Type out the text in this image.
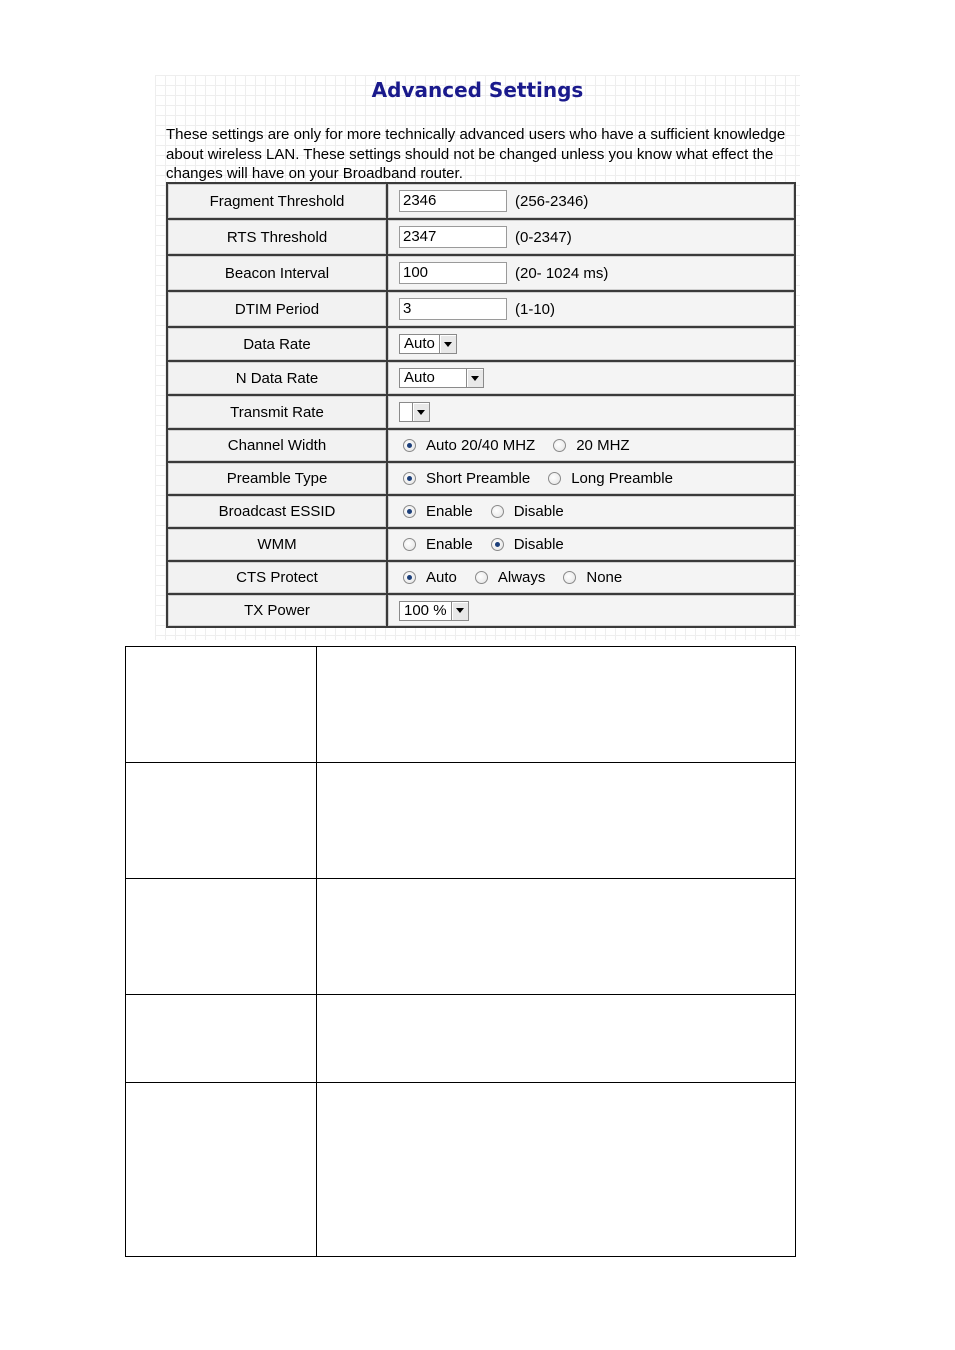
Advanced Settings
These settings are only for more technically advanced users who have a sufficient knowledge about wireless LAN. These settings should not be changed unless you know what effect the changes will have on your Broadband router.
Fragment Threshold	2346	(256-2346)
RTS Threshold	2347	(0-2347)
Beacon Interval	100	(20- 1024 ms)
DTIM Period	3	(1-10)
Data Rate	Auto
N Data Rate	Auto
Transmit Rate
Channel Width	Auto 20/40 MHZ	20 MHZ
Preamble Type	Short Preamble	Long Preamble
Broadcast ESSID	Enable	Disable
WMM	Enable	Disable
CTS Protect	Auto	Always	None
TX Power	100 %
